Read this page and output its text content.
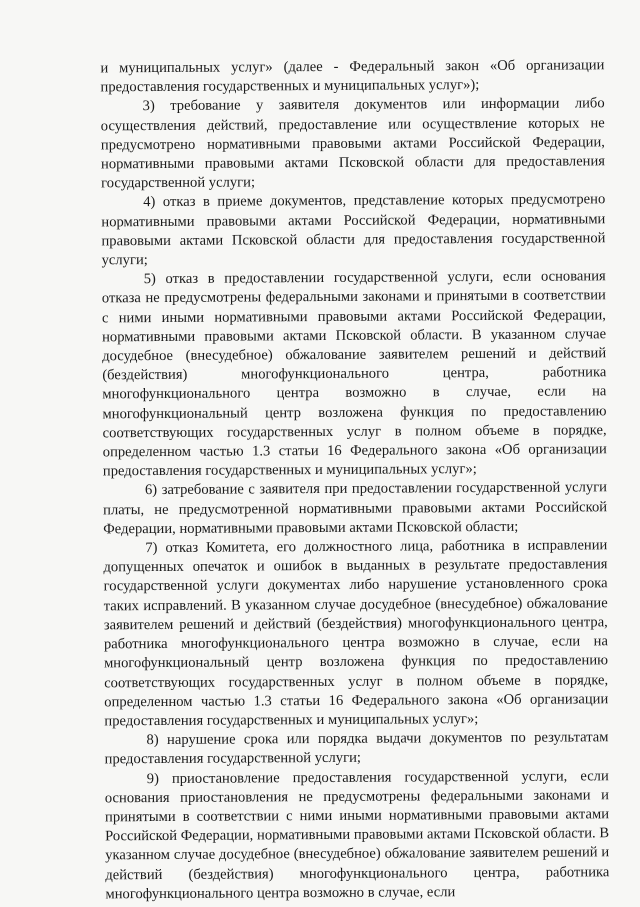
и муниципальных услуг» (далее - Федеральный закон «Об организации предоставления государственных и муниципальных услуг»);

3) требование у заявителя документов или информации либо осуществления действий, предоставление или осуществление которых не предусмотрено нормативными правовыми актами Российской Федерации, нормативными правовыми актами Псковской области для предоставления государственной услуги;

4) отказ в приеме документов, представление которых предусмотрено нормативными правовыми актами Российской Федерации, нормативными правовыми актами Псковской области для предоставления государственной услуги;

5) отказ в предоставлении государственной услуги, если основания отказа не предусмотрены федеральными законами и принятыми в соответствии с ними иными нормативными правовыми актами Российской Федерации, нормативными правовыми актами Псковской области. В указанном случае досудебное (внесудебное) обжалование заявителем решений и действий (бездействия) многофункционального центра, работника многофункционального центра возможно в случае, если на многофункциональный центр возложена функция по предоставлению соответствующих государственных услуг в полном объеме в порядке, определенном частью 1.3 статьи 16 Федерального закона «Об организации предоставления государственных и муниципальных услуг»;

6) затребование с заявителя при предоставлении государственной услуги платы, не предусмотренной нормативными правовыми актами Российской Федерации, нормативными правовыми актами Псковской области;

7) отказ Комитета, его должностного лица, работника в исправлении допущенных опечаток и ошибок в выданных в результате предоставления государственной услуги документах либо нарушение установленного срока таких исправлений. В указанном случае досудебное (внесудебное) обжалование заявителем решений и действий (бездействия) многофункционального центра, работника многофункционального центра возможно в случае, если на многофункциональный центр возложена функция по предоставлению соответствующих государственных услуг в полном объеме в порядке, определенном частью 1.3 статьи 16 Федерального закона «Об организации предоставления государственных и муниципальных услуг»;

8) нарушение срока или порядка выдачи документов по результатам предоставления государственной услуги;

9) приостановление предоставления государственной услуги, если основания приостановления не предусмотрены федеральными законами и принятыми в соответствии с ними иными нормативными правовыми актами Российской Федерации, нормативными правовыми актами Псковской области. В указанном случае досудебное (внесудебное) обжалование заявителем решений и действий (бездействия) многофункционального центра, работника многофункционального центра возможно в случае, если
